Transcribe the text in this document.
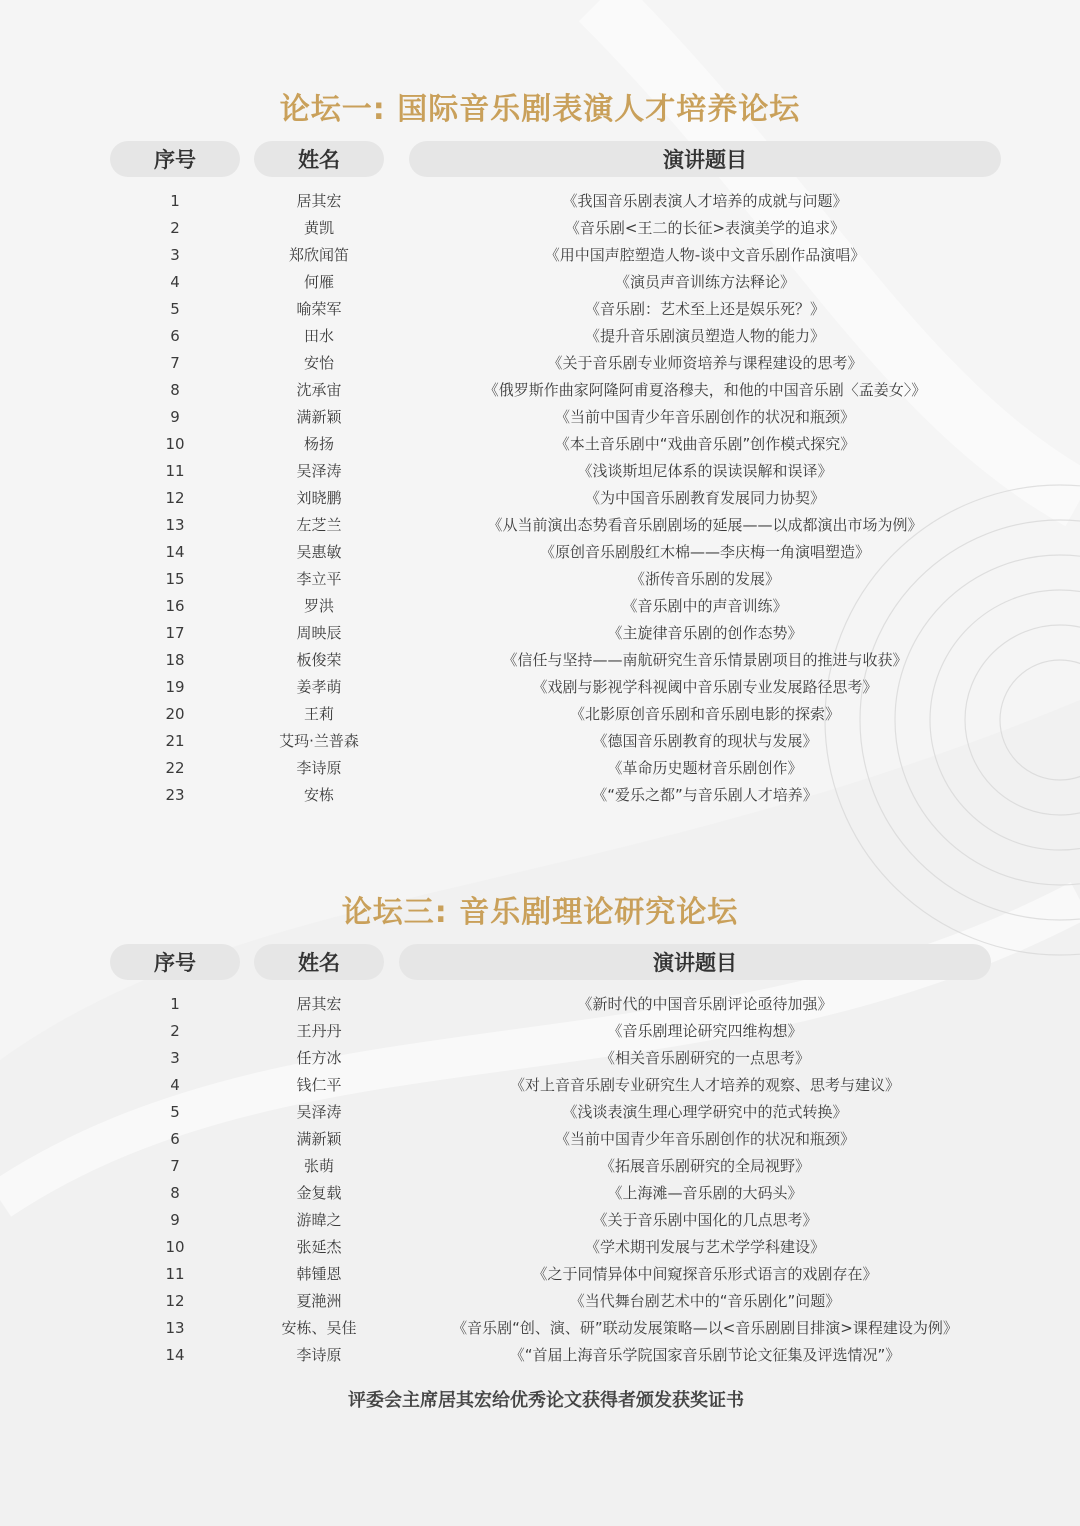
论坛一: 国际音乐剧表演人才培养论坛
序号	姓名	演讲题目
1	居其宏	《我国音乐剧表演人才培养的成就与问题》
2	黄凯	《音乐剧<王二的长征>表演美学的追求》
3	郑欣闻笛	《用中国声腔塑造人物-谈中文音乐剧作品演唱》
4	何雁	《演员声音训练方法释论》
5	喻荣军	《音乐剧：艺术至上还是娱乐死？》
6	田水	《提升音乐剧演员塑造人物的能力》
7	安怡	《关于音乐剧专业师资培养与课程建设的思考》
8	沈承宙	《俄罗斯作曲家阿隆阿甫夏洛穆夫，和他的中国音乐剧〈孟姜女〉》
9	满新颖	《当前中国青少年音乐剧创作的状况和瓶颈》
10	杨扬	《本土音乐剧中“戏曲音乐剧”创作模式探究》
11	吴泽涛	《浅谈斯坦尼体系的误读误解和误译》
12	刘晓鹏	《为中国音乐剧教育发展同力协契》
13	左芝兰	《从当前演出态势看音乐剧剧场的延展——以成都演出市场为例》
14	吴惠敏	《原创音乐剧殷红木棉——李庆梅一角演唱塑造》
15	李立平	《浙传音乐剧的发展》
16	罗洪	《音乐剧中的声音训练》
17	周映辰	《主旋律音乐剧的创作态势》
18	板俊荣	《信任与坚持——南航研究生音乐情景剧项目的推进与收获》
19	姜孝萌	《戏剧与影视学科视阈中音乐剧专业发展路径思考》
20	王莉	《北影原创音乐剧和音乐剧电影的探索》
21	艾玛·兰普森	《德国音乐剧教育的现状与发展》
22	李诗原	《革命历史题材音乐剧创作》
23	安栋	《“爱乐之都”与音乐剧人才培养》
论坛三: 音乐剧理论研究论坛
序号	姓名	演讲题目
1	居其宏	《新时代的中国音乐剧评论亟待加强》
2	王丹丹	《音乐剧理论研究四维构想》
3	任方冰	《相关音乐剧研究的一点思考》
4	钱仁平	《对上音音乐剧专业研究生人才培养的观察、思考与建议》
5	吴泽涛	《浅谈表演生理心理学研究中的范式转换》
6	满新颖	《当前中国青少年音乐剧创作的状况和瓶颈》
7	张萌	《拓展音乐剧研究的全局视野》
8	金复载	《上海滩—音乐剧的大码头》
9	游暐之	《关于音乐剧中国化的几点思考》
10	张延杰	《学术期刊发展与艺术学学科建设》
11	韩锺恩	《之于同情异体中间窥探音乐形式语言的戏剧存在》
12	夏滟洲	《当代舞台剧艺术中的“音乐剧化”问题》
13	安栋、吴佳	《音乐剧“创、演、研”联动发展策略—以<音乐剧剧目排演>课程建设为例》
14	李诗原	《“首届上海音乐学院国家音乐剧节论文征集及评选情况”》
评委会主席居其宏给优秀论文获得者颁发获奖证书
